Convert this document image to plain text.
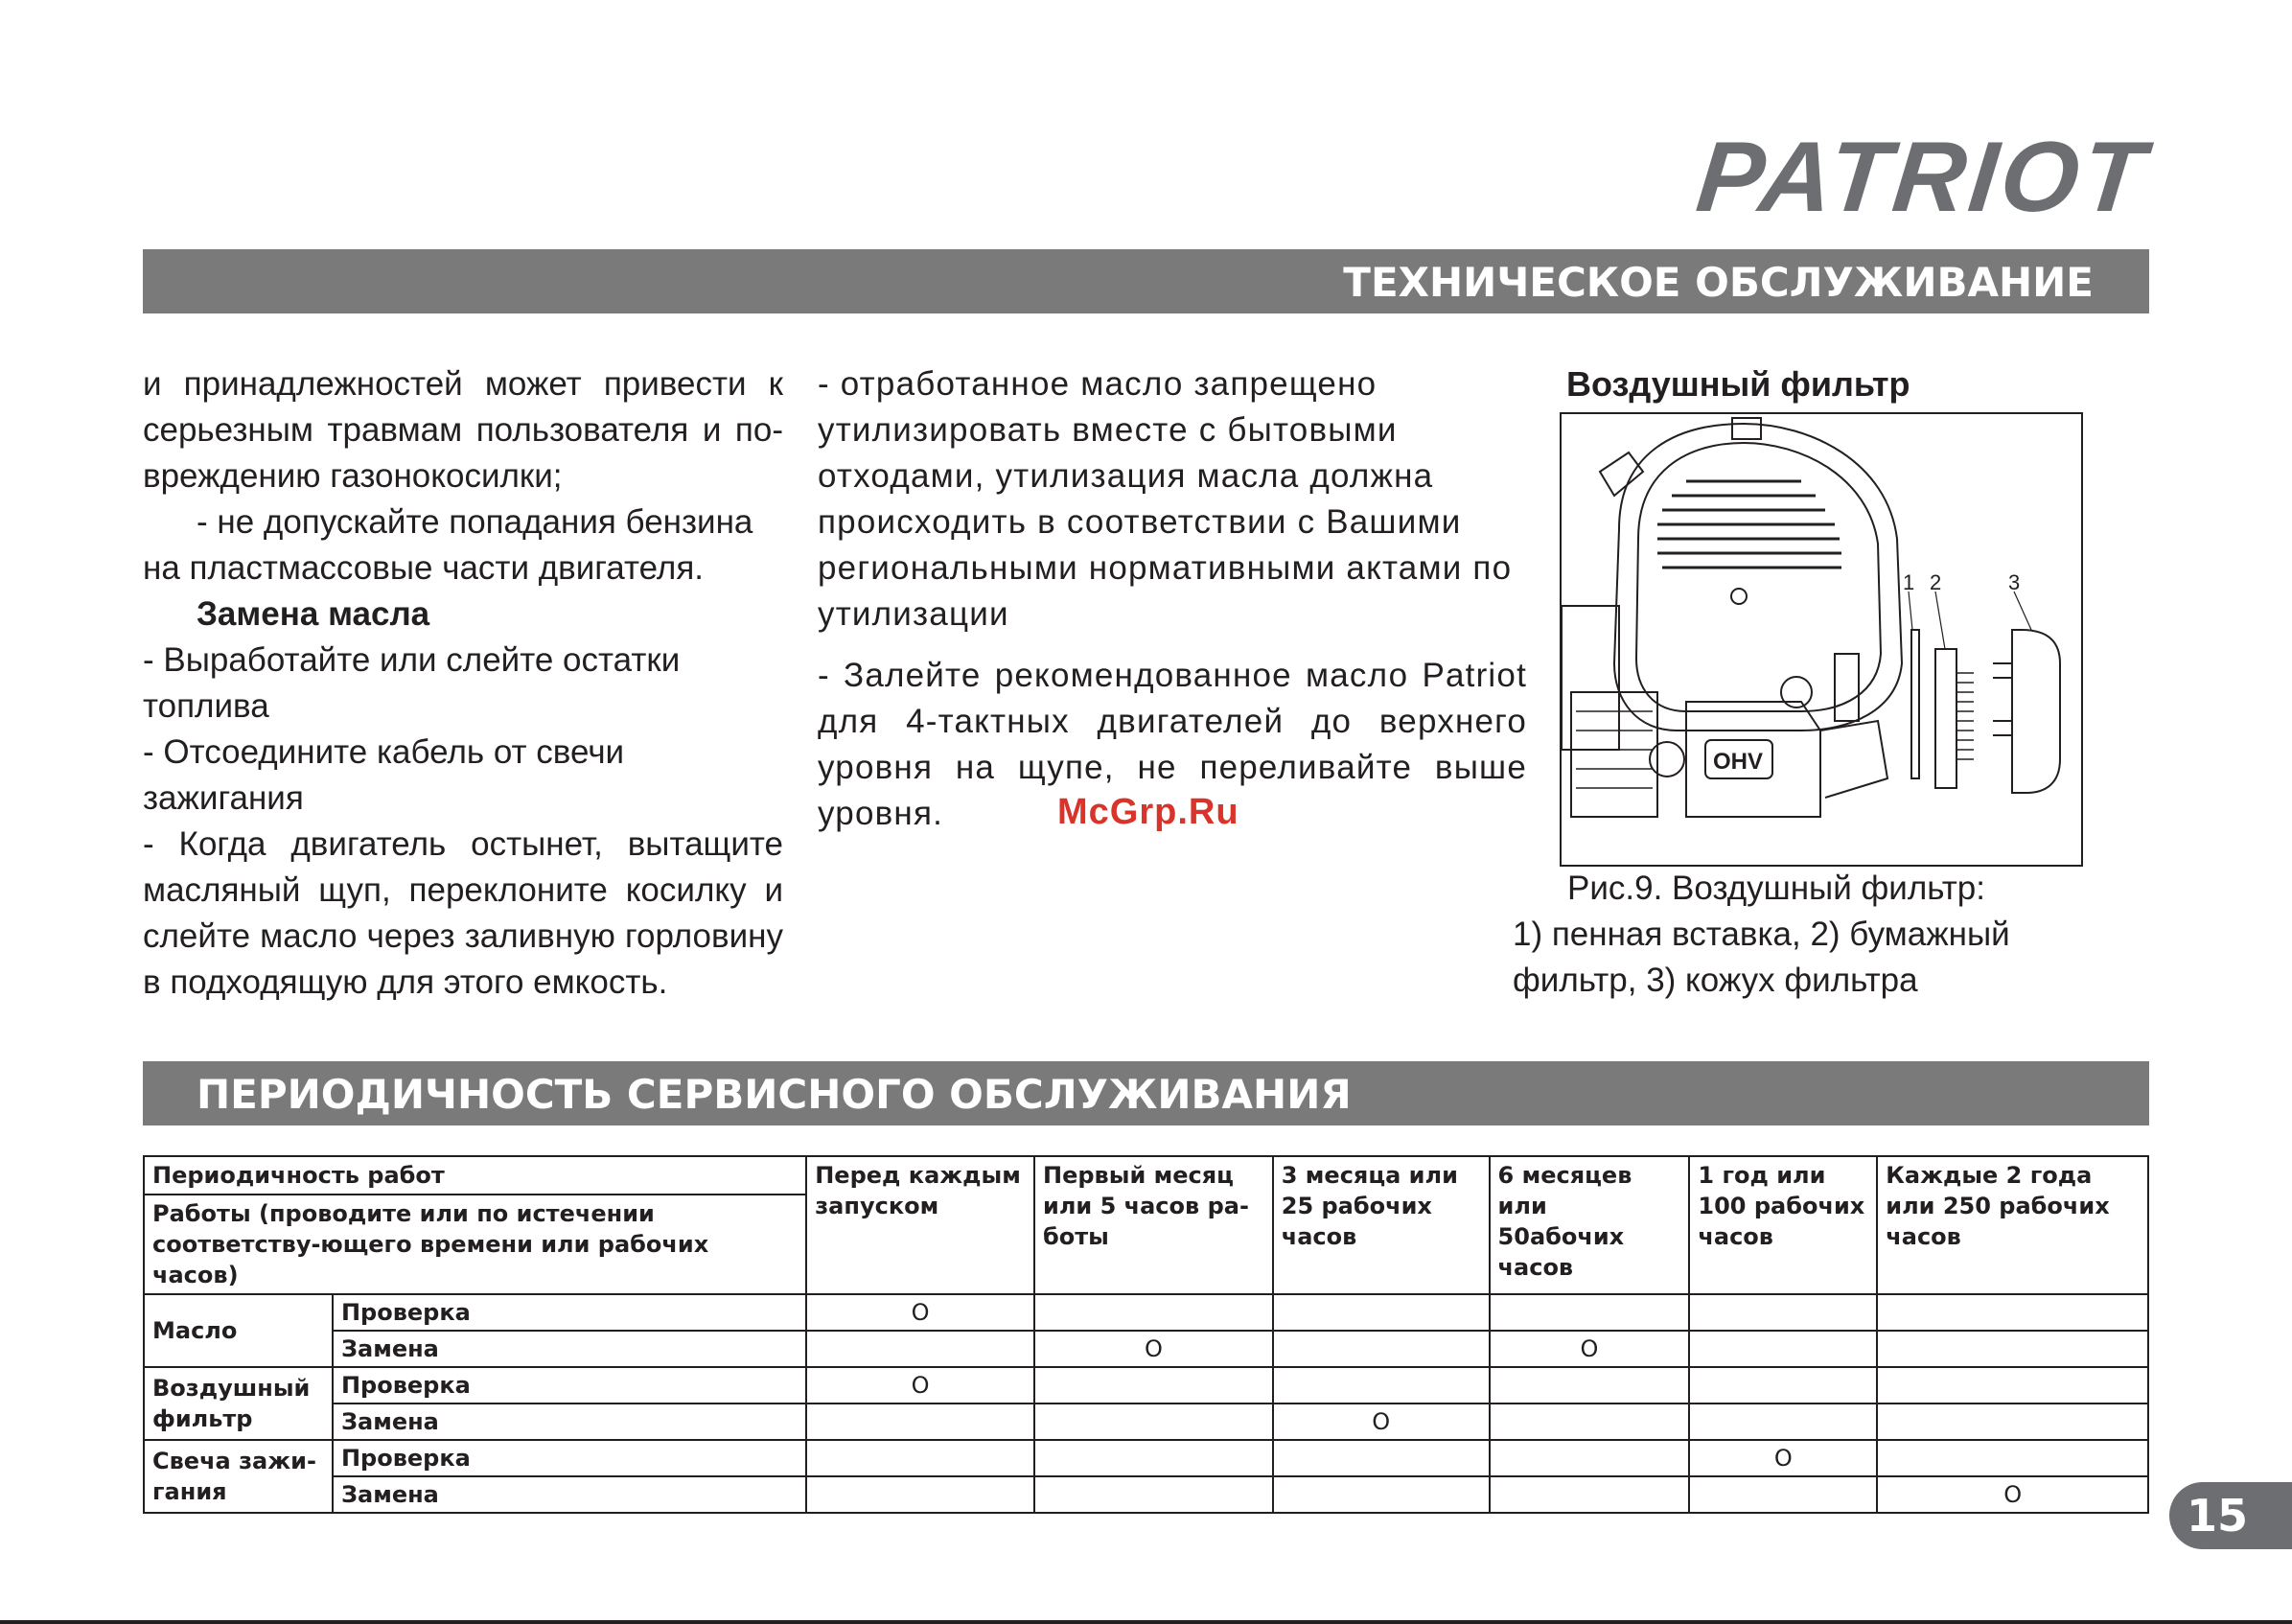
PATRIOT
ТЕХНИЧЕСКОЕ ОБСЛУЖИВАНИЕ

и принадлежностей может привести к серьезным травмам пользователя и по-вреждению газонокосилки;

- не допускайте попадания бензина на пластмассовые части двигателя.

Замена масла

- Выработайте или слейте остатки топлива

- Отсоедините кабель от свечи зажигания

- Когда двигатель остынет, вытащите масляный щуп, переклоните косилку и слейте масло через заливную горловину в подходящую для этого емкость.

- отработанное масло запрещено утилизировать вместе с бытовыми отходами, утилизация масла должна происходить в соответствии с Вашими региональными нормативными актами по утилизации

- Залейте рекомендованное масло Patriot для 4-тактных двигателей до верхнего уровня на щупе, не переливайте выше уровня.	McGrp.Ru
Воздушный фильтр
1 2	3
OHV

Рис.9. Воздушный фильтр:

1) пенная вставка, 2) бумажный фильтр, 3) кожух фильтра

ПЕРИОДИЧНОСТЬ СЕРВИСНОГО ОБСЛУЖИВАНИЯ
Периодичность работ		Перед каждым запуском	Первый месяц или 5 часов ра-боты	3 месяца или 25 рабочих часов	6 месяцев или 50абочих часов	1 год или 100 рабочих часов	Каждые 2 года или 250 рабочих часов
Работы (проводите или по истечении соответству-ющего времени или рабочих часов)							
Масло	Проверка	O					
	Замена		O		O		
Воздушный фильтр	Проверка	O					
	Замена			O			
Свеча зажи-гания	Проверка					O	
	Замена						O	15
